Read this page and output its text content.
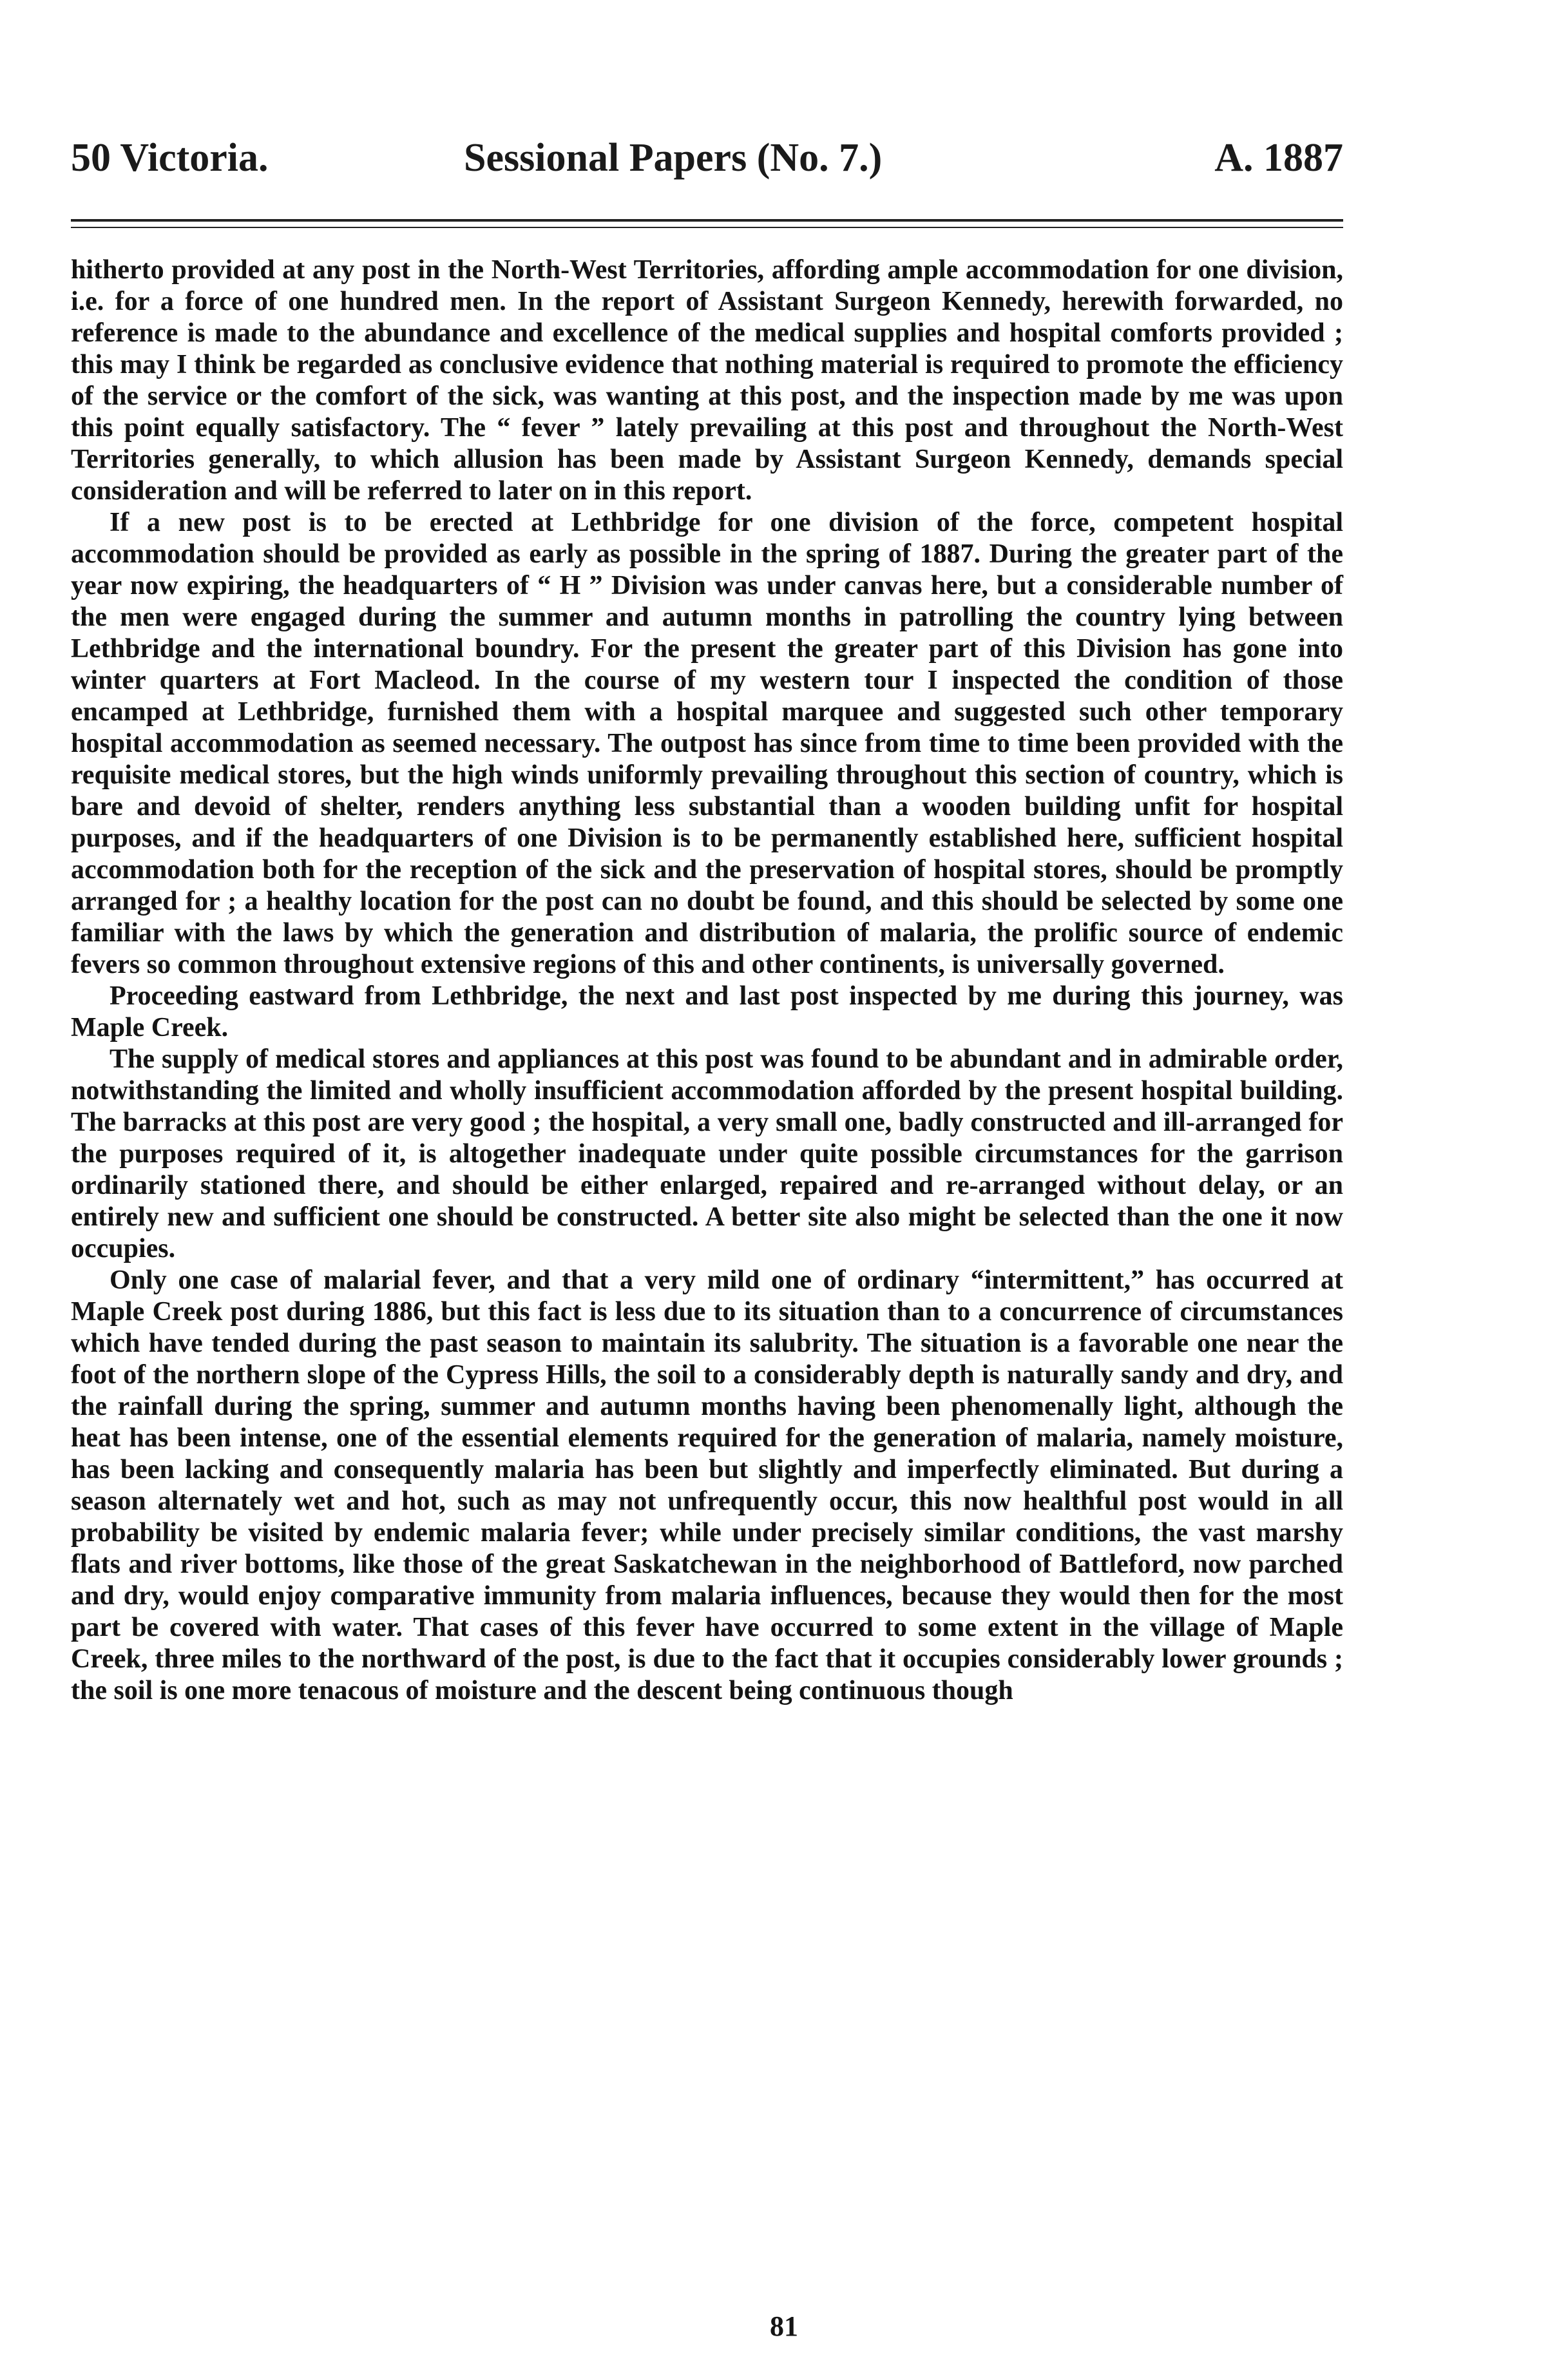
50 Victoria.	Sessional Papers (No. 7.)	A. 1887

hitherto provided at any post in the North-West Territories, affording ample accommodation for one division, i.e. for a force of one hundred men. In the report of Assistant Surgeon Kennedy, herewith forwarded, no reference is made to the abundance and excellence of the medical supplies and hospital comforts provided ; this may I think be regarded as conclusive evidence that nothing material is required to promote the efficiency of the service or the comfort of the sick, was wanting at this post, and the inspection made by me was upon this point equally satisfactory. The “ fever ” lately prevailing at this post and throughout the North-West Territories generally, to which allusion has been made by Assistant Surgeon Kennedy, demands special consideration and will be referred to later on in this report.

If a new post is to be erected at Lethbridge for one division of the force, competent hospital accommodation should be provided as early as possible in the spring of 1887. During the greater part of the year now expiring, the headquarters of “ H ” Division was under canvas here, but a considerable number of the men were engaged during the summer and autumn months in patrolling the country lying between Lethbridge and the international boundry. For the present the greater part of this Division has gone into winter quarters at Fort Macleod. In the course of my western tour I inspected the condition of those encamped at Lethbridge, furnished them with a hospital marquee and suggested such other temporary hospital accommodation as seemed necessary. The outpost has since from time to time been provided with the requisite medical stores, but the high winds uniformly prevailing throughout this section of country, which is bare and devoid of shelter, renders anything less substantial than a wooden building unfit for hospital purposes, and if the headquarters of one Division is to be permanently established here, sufficient hospital accommodation both for the reception of the sick and the preservation of hospital stores, should be promptly arranged for ; a healthy location for the post can no doubt be found, and this should be selected by some one familiar with the laws by which the generation and distribution of malaria, the prolific source of endemic fevers so common throughout extensive regions of this and other continents, is universally governed.

Proceeding eastward from Lethbridge, the next and last post inspected by me during this journey, was Maple Creek.

The supply of medical stores and appliances at this post was found to be abundant and in admirable order, notwithstanding the limited and wholly insufficient accommodation afforded by the present hospital building. The barracks at this post are very good ; the hospital, a very small one, badly constructed and ill-arranged for the purposes required of it, is altogether inadequate under quite possible circumstances for the garrison ordinarily stationed there, and should be either enlarged, repaired and re-arranged without delay, or an entirely new and sufficient one should be constructed. A better site also might be selected than the one it now occupies.

Only one case of malarial fever, and that a very mild one of ordinary “intermittent,” has occurred at Maple Creek post during 1886, but this fact is less due to its situation than to a concurrence of circumstances which have tended during the past season to maintain its salubrity. The situation is a favorable one near the foot of the northern slope of the Cypress Hills, the soil to a considerably depth is naturally sandy and dry, and the rainfall during the spring, summer and autumn months having been phenomenally light, although the heat has been intense, one of the essential elements required for the generation of malaria, namely moisture, has been lacking and consequently malaria has been but slightly and imperfectly eliminated. But during a season alternately wet and hot, such as may not unfrequently occur, this now healthful post would in all probability be visited by endemic malaria fever; while under precisely similar conditions, the vast marshy flats and river bottoms, like those of the great Saskatchewan in the neighborhood of Battleford, now parched and dry, would enjoy comparative immunity from malaria influences, because they would then for the most part be covered with water. That cases of this fever have occurred to some extent in the village of Maple Creek, three miles to the northward of the post, is due to the fact that it occupies considerably lower grounds ; the soil is one more tenacous of moisture and the descent being continuous though

81
